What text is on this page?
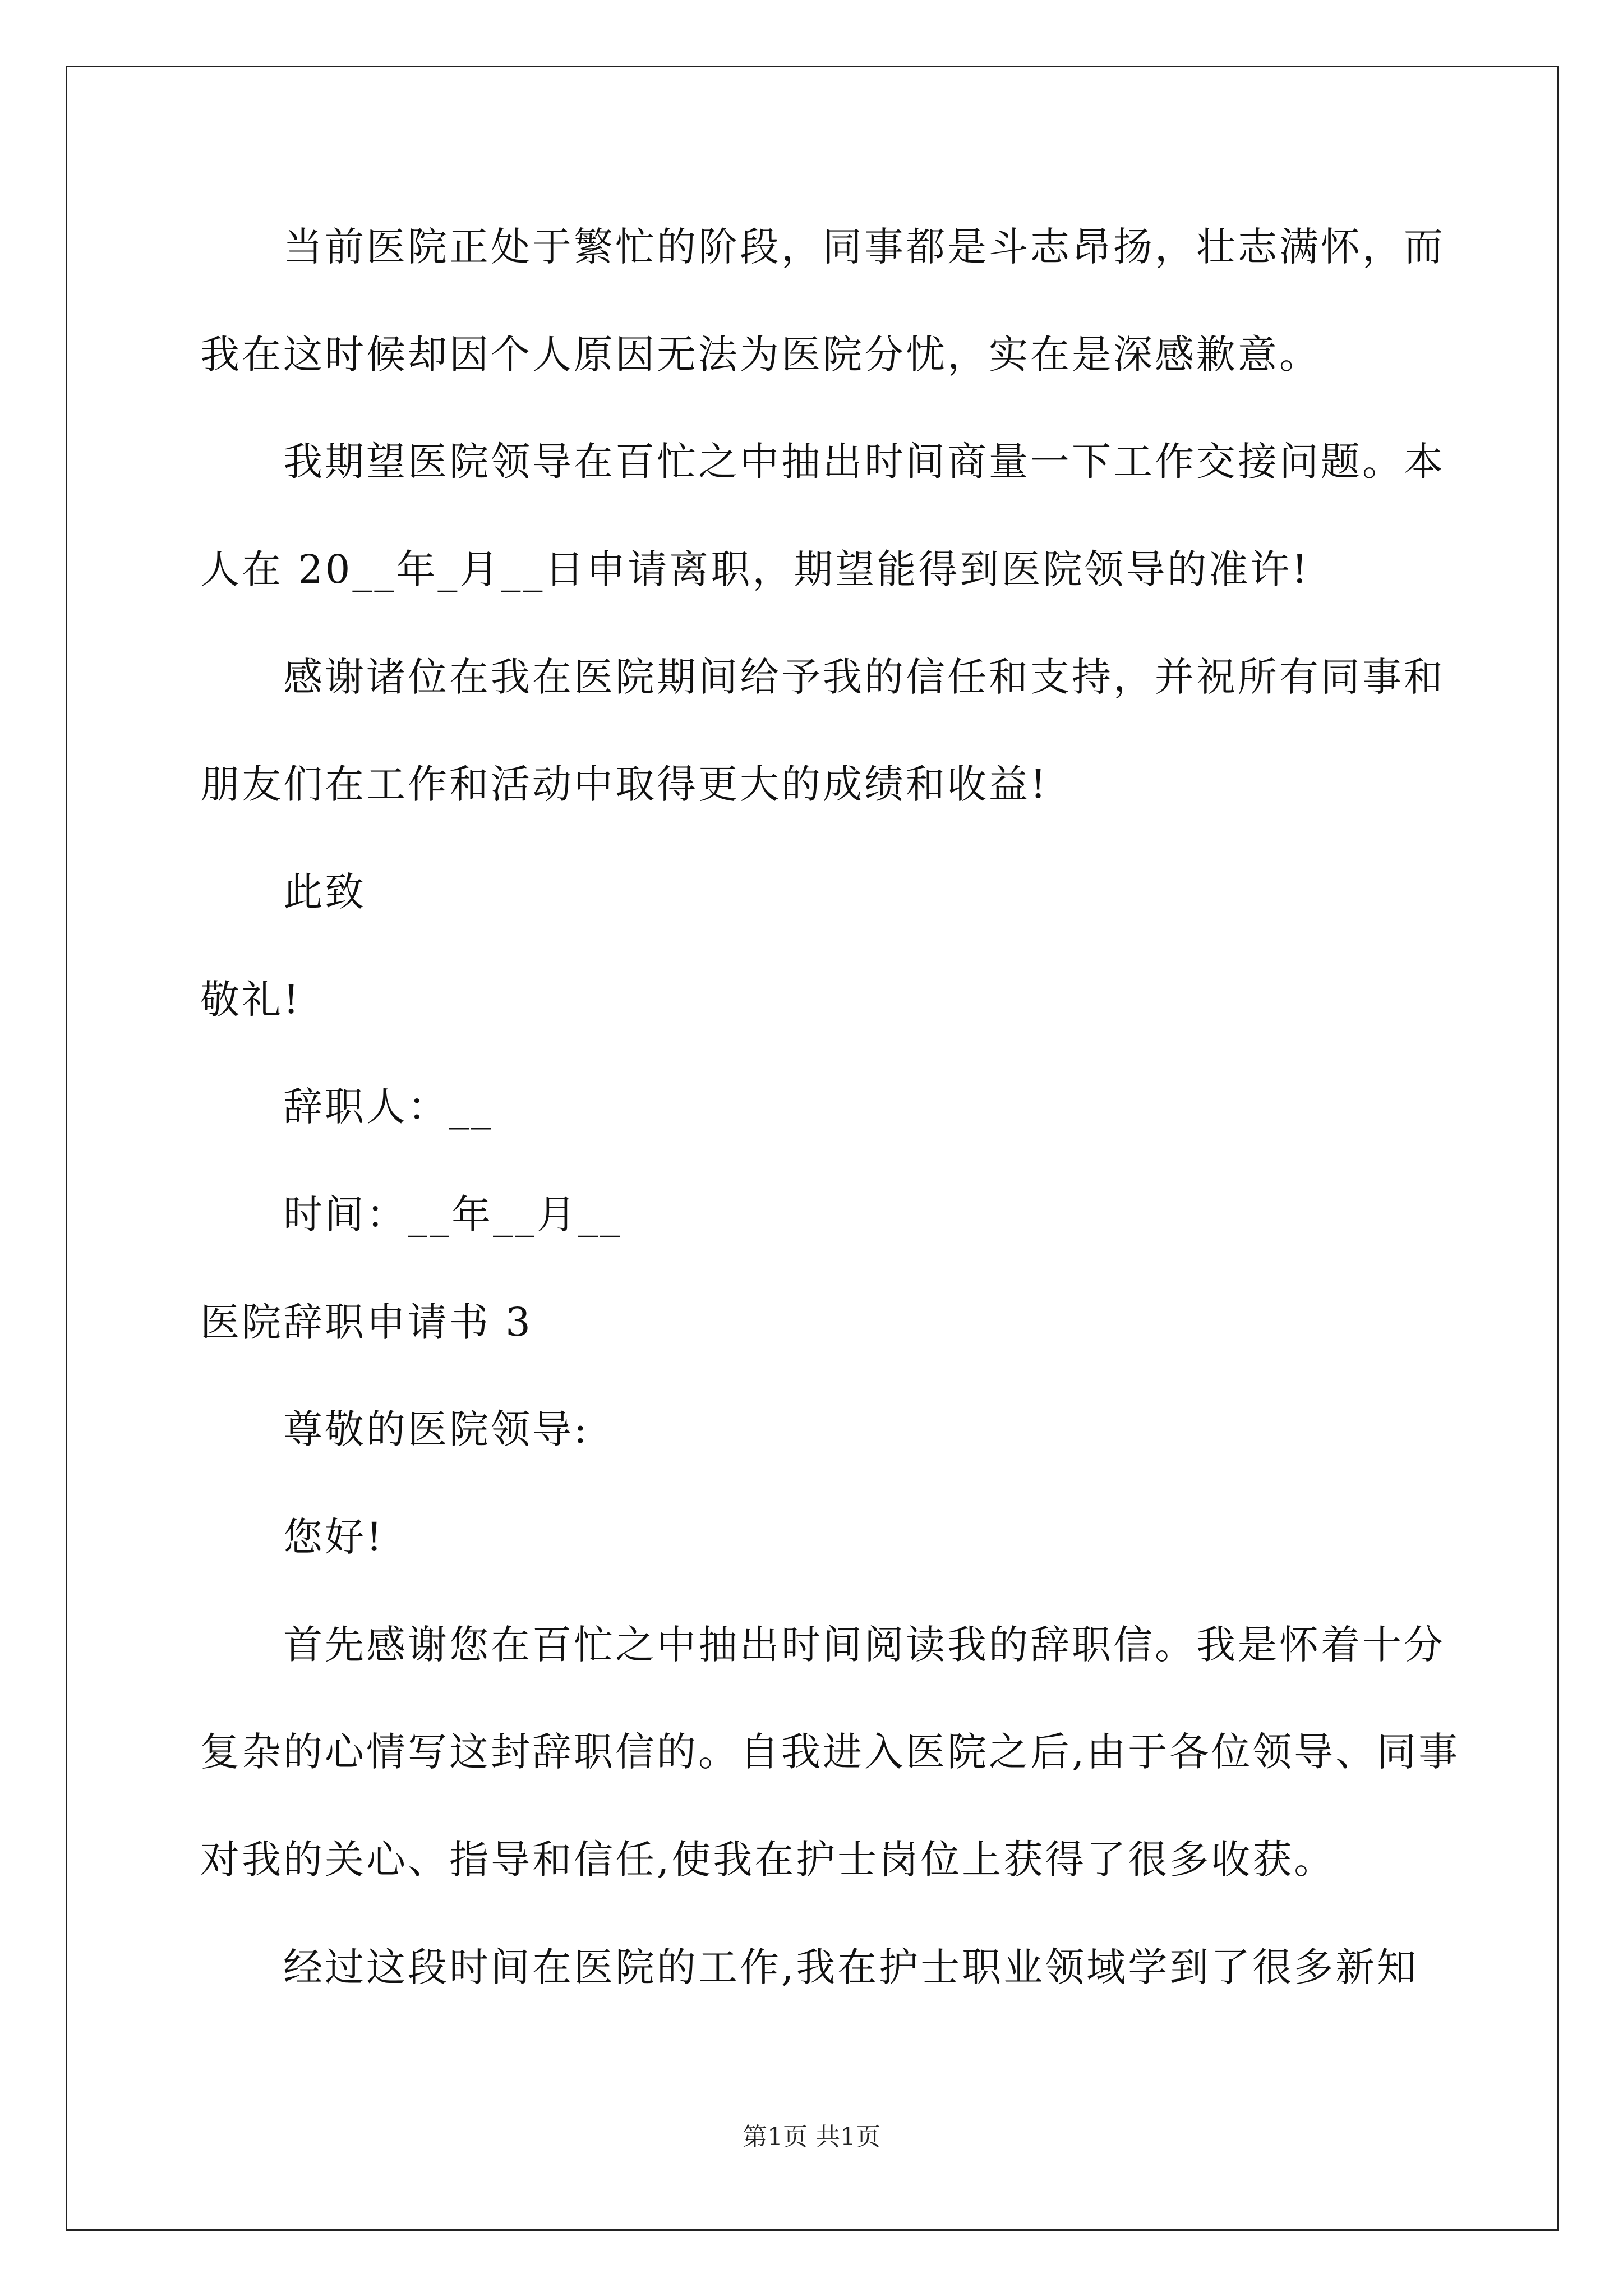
当前医院正处于繁忙的阶段，同事都是斗志昂扬，壮志满怀，而
我在这时候却因个人原因无法为医院分忧，实在是深感歉意。
我期望医院领导在百忙之中抽出时间商量一下工作交接问题。本
人在 20__年_月__日申请离职，期望能得到医院领导的准许!
感谢诸位在我在医院期间给予我的信任和支持，并祝所有同事和
朋友们在工作和活动中取得更大的成绩和收益!
此致
敬礼!
辞职人：__
时间：__年__月__
医院辞职申请书 3
尊敬的医院领导:
您好!
首先感谢您在百忙之中抽出时间阅读我的辞职信。我是怀着十分
复杂的心情写这封辞职信的。自我进入医院之后,由于各位领导、同事
对我的关心、指导和信任,使我在护士岗位上获得了很多收获。
经过这段时间在医院的工作,我在护士职业领域学到了很多新知
第1页 共1页
